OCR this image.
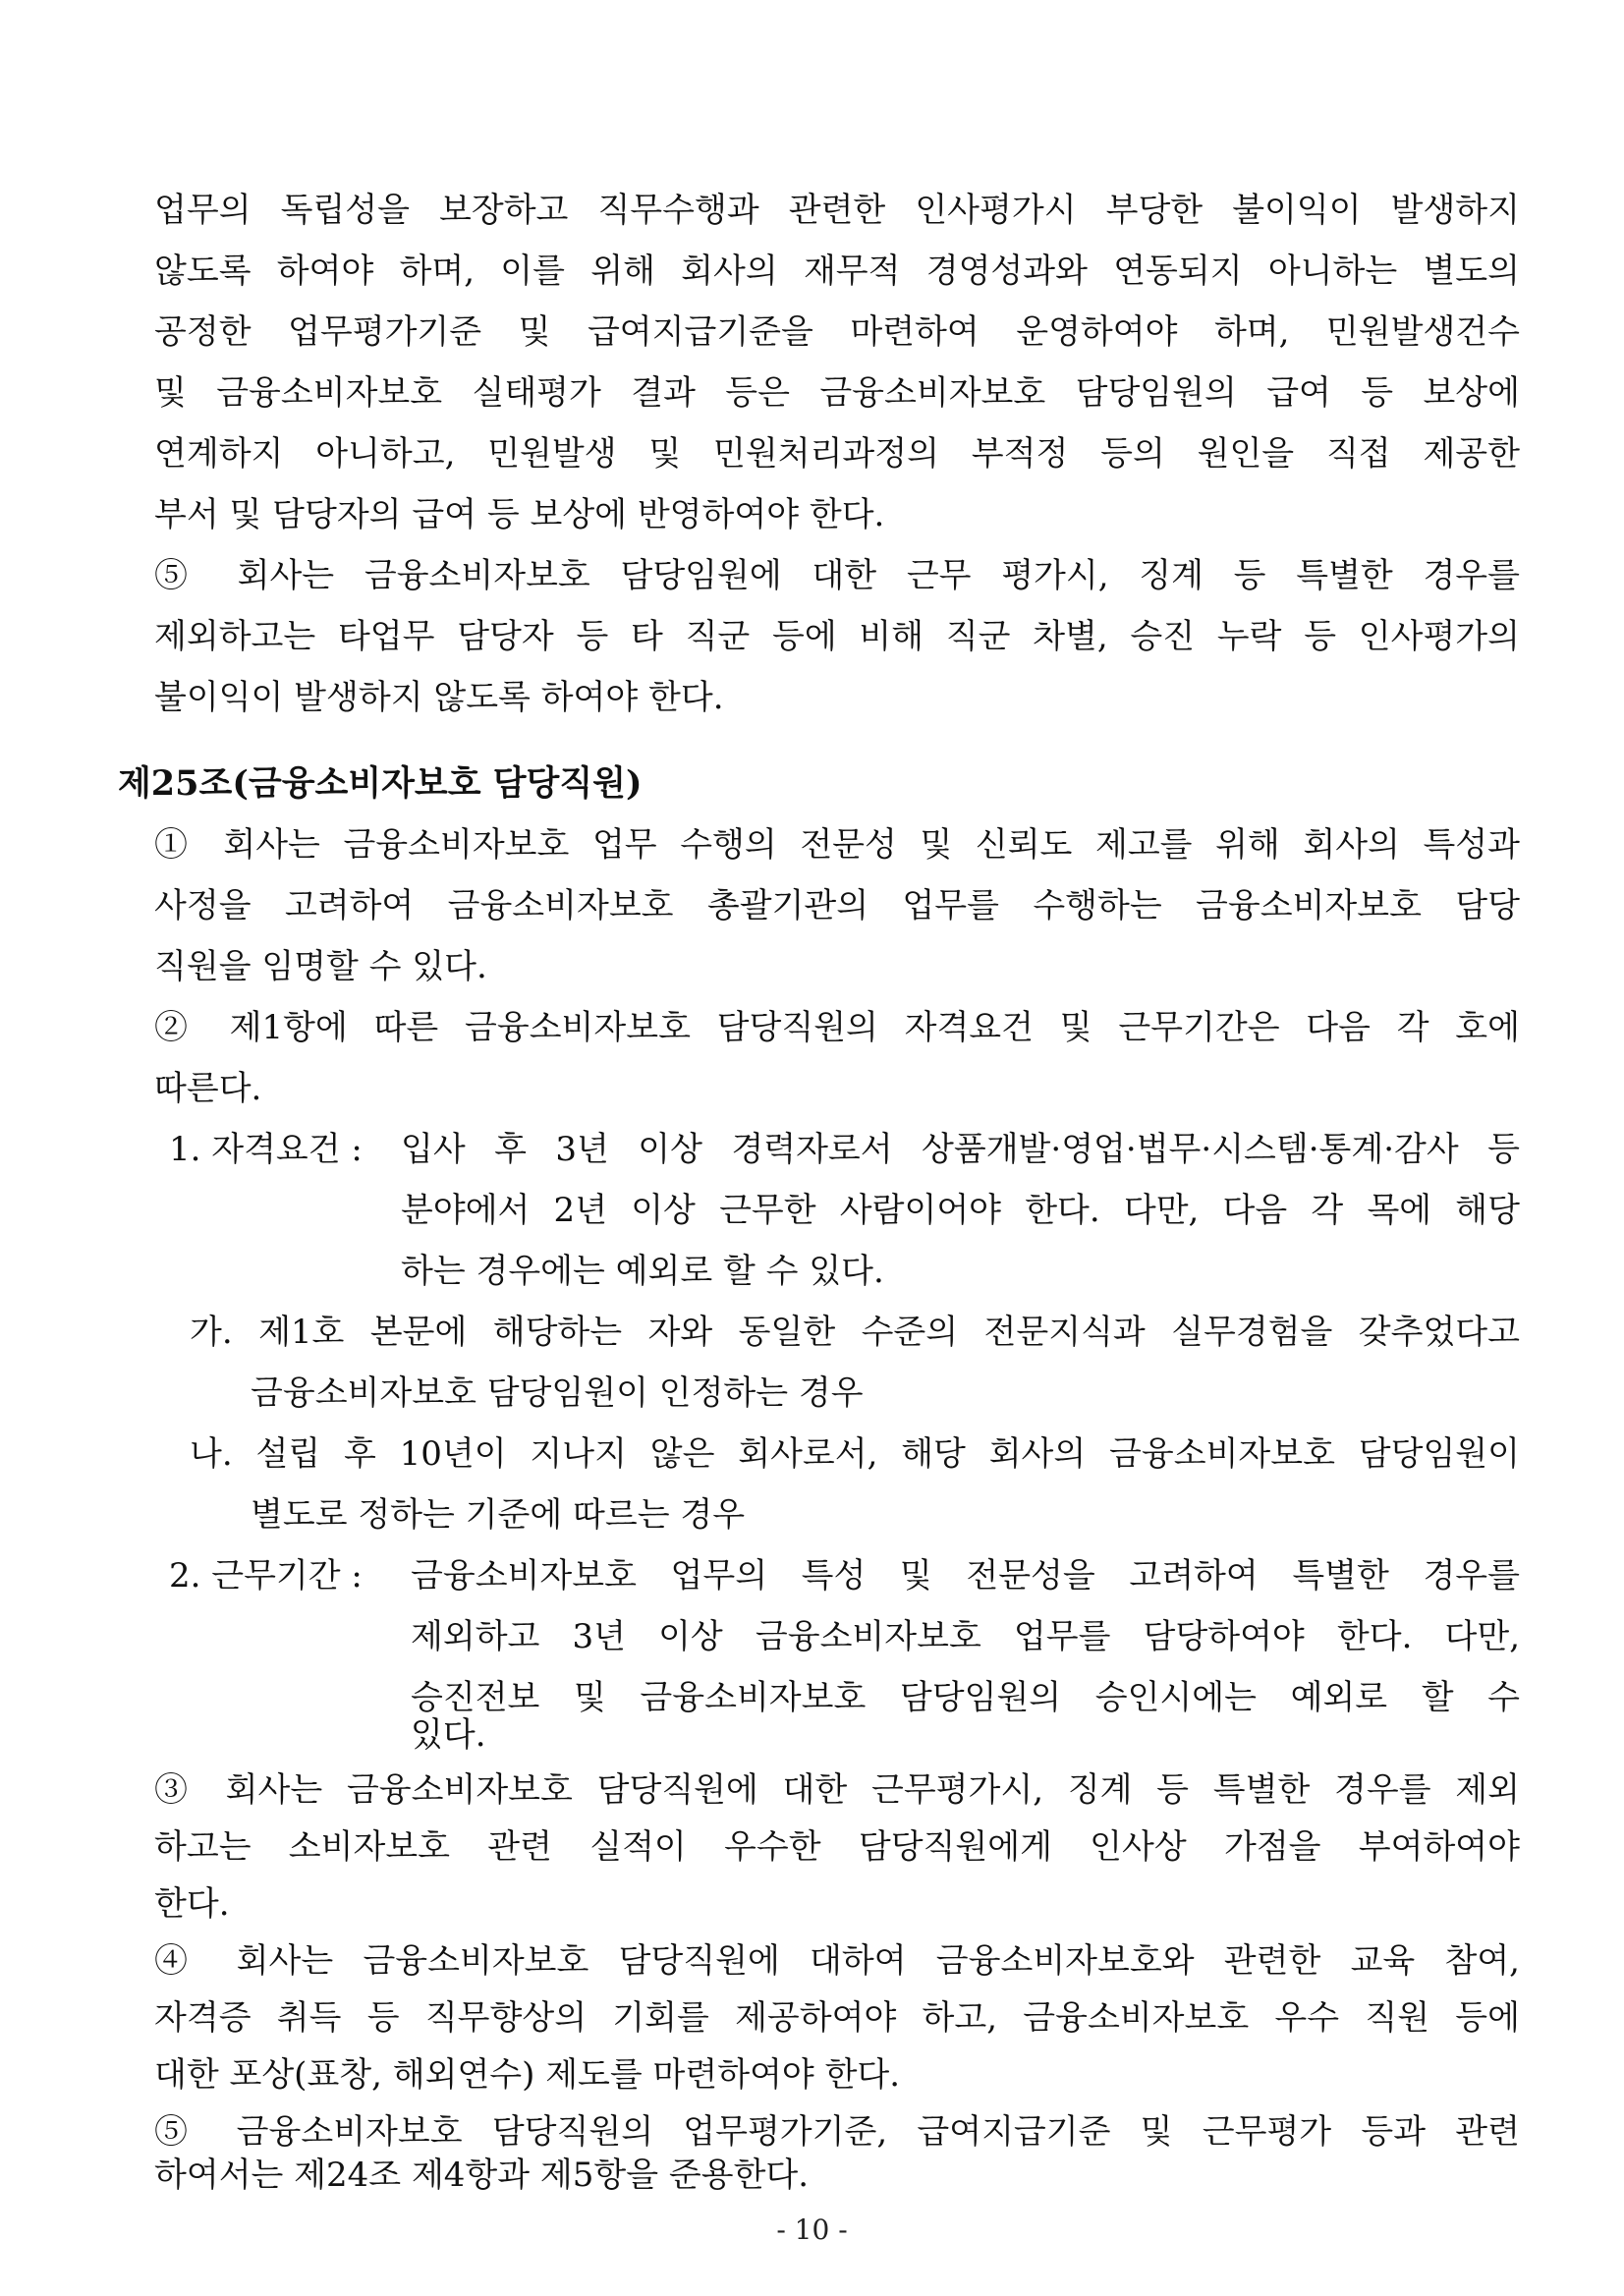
업무의 독립성을 보장하고 직무수행과 관련한 인사평가시 부당한 불이익이 발생하지

않도록 하여야 하며, 이를 위해 회사의 재무적 경영성과와 연동되지 아니하는 별도의

공정한 업무평가기준 및 급여지급기준을 마련하여 운영하여야 하며, 민원발생건수

및 금융소비자보호 실태평가 결과 등은 금융소비자보호 담당임원의 급여 등 보상에

연계하지 아니하고, 민원발생 및 민원처리과정의 부적정 등의 원인을 직접 제공한

부서 및 담당자의 급여 등 보상에 반영하여야 한다.

⑤ 회사는 금융소비자보호 담당임원에 대한 근무 평가시, 징계 등 특별한 경우를

제외하고는 타업무 담당자 등 타 직군 등에 비해 직군 차별, 승진 누락 등 인사평가의

불이익이 발생하지 않도록 하여야 한다.

제25조(금융소비자보호 담당직원)

① 회사는 금융소비자보호 업무 수행의 전문성 및 신뢰도 제고를 위해 회사의 특성과

사정을 고려하여 금융소비자보호 총괄기관의 업무를 수행하는 금융소비자보호 담당

직원을 임명할 수 있다.

② 제1항에 따른 금융소비자보호 담당직원의 자격요건 및 근무기간은 다음 각 호에

따른다.

1. 자격요건 : 입사 후 3년 이상 경력자로서 상품개발·영업·법무·시스템·통계·감사 등

분야에서 2년 이상 근무한 사람이어야 한다. 다만, 다음 각 목에 해당

하는 경우에는 예외로 할 수 있다.

가. 제1호 본문에 해당하는 자와 동일한 수준의 전문지식과 실무경험을 갖추었다고

금융소비자보호 담당임원이 인정하는 경우

나. 설립 후 10년이 지나지 않은 회사로서, 해당 회사의 금융소비자보호 담당임원이

별도로 정하는 기준에 따르는 경우

2. 근무기간 : 금융소비자보호 업무의 특성 및 전문성을 고려하여 특별한 경우를

제외하고 3년 이상 금융소비자보호 업무를 담당하여야 한다. 다만,

승진전보 및 금융소비자보호 담당임원의 승인시에는 예외로 할 수

있다.

③ 회사는 금융소비자보호 담당직원에 대한 근무평가시, 징계 등 특별한 경우를 제외

하고는 소비자보호 관련 실적이 우수한 담당직원에게 인사상 가점을 부여하여야

한다.

④ 회사는 금융소비자보호 담당직원에 대하여 금융소비자보호와 관련한 교육 참여,

자격증 취득 등 직무향상의 기회를 제공하여야 하고, 금융소비자보호 우수 직원 등에

대한 포상(표창, 해외연수) 제도를 마련하여야 한다.

⑤ 금융소비자보호 담당직원의 업무평가기준, 급여지급기준 및 근무평가 등과 관련

하여서는 제24조 제4항과 제5항을 준용한다.

- 10 -
